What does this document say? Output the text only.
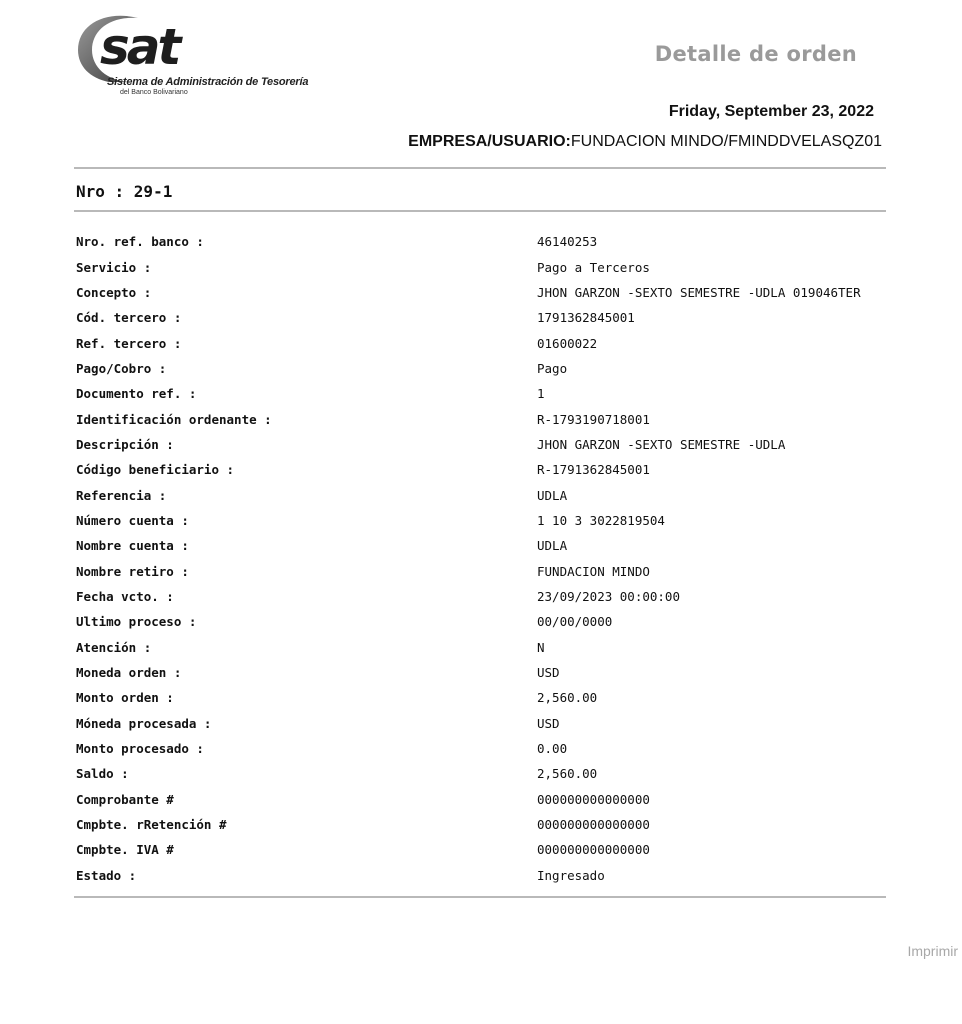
sat
Sistema de Administración de Tesorería
del Banco Bolivariano
Detalle de orden
Friday, September 23, 2022
EMPRESA/USUARIO:FUNDACION MINDO/FMINDDVELASQZ01
Nro : 29-1
Nro. ref. banco :	46140253
Servicio :	Pago a Terceros
Concepto :	JHON GARZON -SEXTO SEMESTRE -UDLA 019046TER
Cód. tercero :	1791362845001
Ref. tercero :	01600022
Pago/Cobro :	Pago
Documento ref. :	1
Identificación ordenante :	R-1793190718001
Descripción :	JHON GARZON -SEXTO SEMESTRE -UDLA
Código beneficiario :	R-1791362845001
Referencia :	UDLA
Número cuenta :	1 10 3 3022819504
Nombre cuenta :	UDLA
Nombre retiro :	FUNDACION MINDO
Fecha vcto. :	23/09/2023 00:00:00
Ultimo proceso :	00/00/0000
Atención :	N
Moneda orden :	USD
Monto orden :	2,560.00
Móneda procesada :	USD
Monto procesado :	0.00
Saldo :	2,560.00
Comprobante #	000000000000000
Cmpbte. rRetención #	000000000000000
Cmpbte. IVA #	000000000000000
Estado :	Ingresado
Imprimir
